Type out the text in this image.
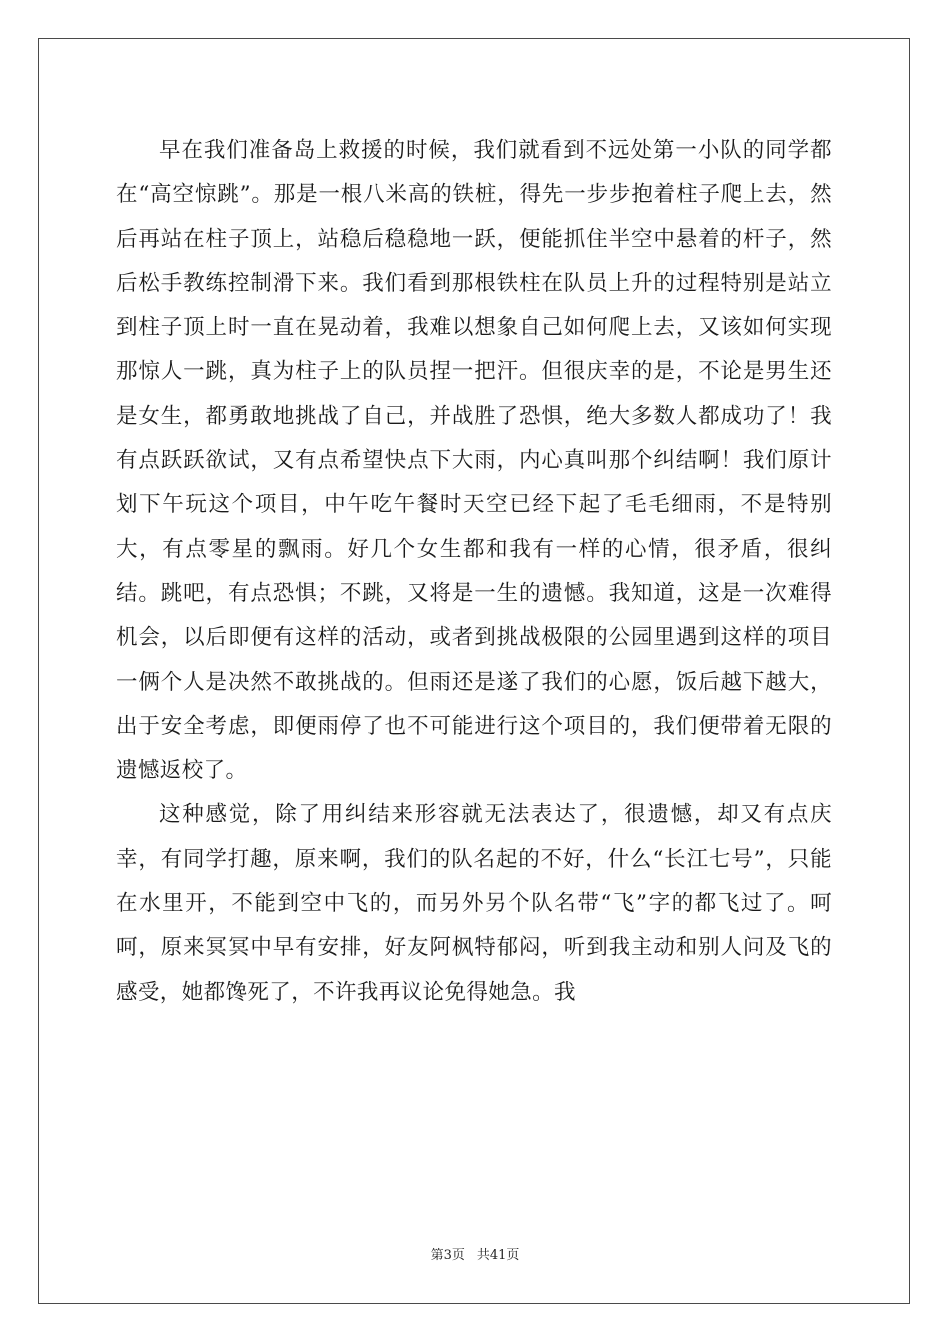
早在我们准备岛上救援的时候，我们就看到不远处第一小队的同学都在“高空惊跳”。那是一根八米高的铁桩，得先一步步抱着柱子爬上去，然后再站在柱子顶上，站稳后稳稳地一跃，便能抓住半空中悬着的杆子，然后松手教练控制滑下来。我们看到那根铁柱在队员上升的过程特别是站立到柱子顶上时一直在晃动着，我难以想象自己如何爬上去，又该如何实现那惊人一跳，真为柱子上的队员捏一把汗。但很庆幸的是，不论是男生还是女生，都勇敢地挑战了自己，并战胜了恐惧，绝大多数人都成功了！我有点跃跃欲试，又有点希望快点下大雨，内心真叫那个纠结啊！我们原计划下午玩这个项目，中午吃午餐时天空已经下起了毛毛细雨，不是特别大，有点零星的飘雨。好几个女生都和我有一样的心情，很矛盾，很纠结。跳吧，有点恐惧；不跳，又将是一生的遗憾。我知道，这是一次难得机会，以后即便有这样的活动，或者到挑战极限的公园里遇到这样的项目一俩个人是决然不敢挑战的。但雨还是遂了我们的心愿，饭后越下越大，出于安全考虑，即便雨停了也不可能进行这个项目的，我们便带着无限的遗憾返校了。

这种感觉，除了用纠结来形容就无法表达了，很遗憾，却又有点庆幸，有同学打趣，原来啊，我们的队名起的不好，什么“长江七号”，只能在水里开，不能到空中飞的，而另外另个队名带“飞”字的都飞过了。呵呵，原来冥冥中早有安排，好友阿枫特郁闷，听到我主动和别人问及飞的感受，她都馋死了，不许我再议论免得她急。我

第3页 共41页
